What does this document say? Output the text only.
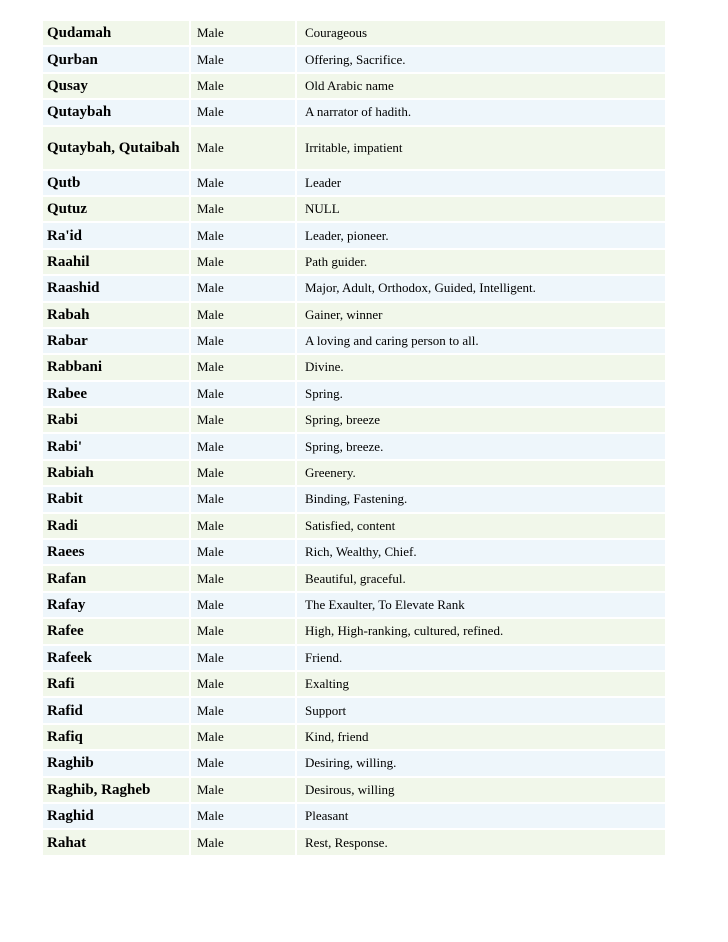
Qudamah	Male	Courageous
Qurban	Male	Offering, Sacrifice.
Qusay	Male	Old Arabic name
Qutaybah	Male	A narrator of hadith.
Qutaybah, Qutaibah	Male	Irritable, impatient
Qutb	Male	Leader
Qutuz	Male	NULL
Ra'id	Male	Leader, pioneer.
Raahil	Male	Path guider.
Raashid	Male	Major, Adult, Orthodox, Guided, Intelligent.
Rabah	Male	Gainer, winner
Rabar	Male	A loving and caring person to all.
Rabbani	Male	Divine.
Rabee	Male	Spring.
Rabi	Male	Spring, breeze
Rabi'	Male	Spring, breeze.
Rabiah	Male	Greenery.
Rabit	Male	Binding, Fastening.
Radi	Male	Satisfied, content
Raees	Male	Rich, Wealthy, Chief.
Rafan	Male	Beautiful, graceful.
Rafay	Male	The Exaulter, To Elevate Rank
Rafee	Male	High, High-ranking, cultured, refined.
Rafeek	Male	Friend.
Rafi	Male	Exalting
Rafid	Male	Support
Rafiq	Male	Kind, friend
Raghib	Male	Desiring, willing.
Raghib, Ragheb	Male	Desirous, willing
Raghid	Male	Pleasant
Rahat	Male	Rest, Response.
